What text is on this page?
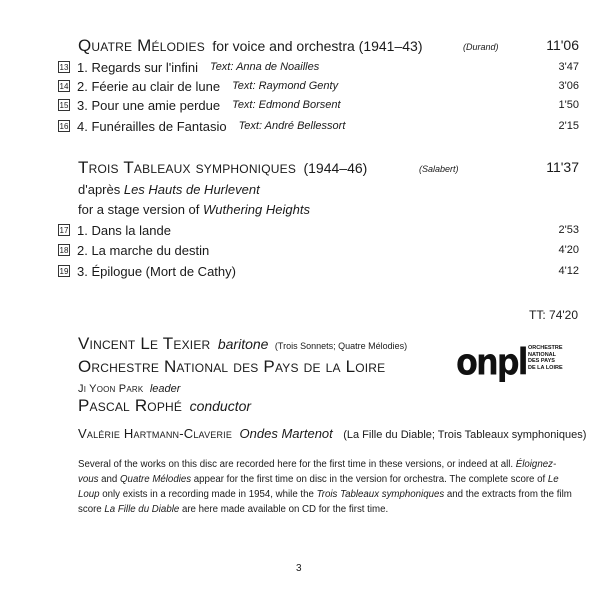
Quatre Mélodies for voice and orchestra (1941–43)	(Durand)	11'06
13 1. Regards sur l'infini Text: Anna de Noailles	3'47
14 2. Féerie au clair de lune Text: Raymond Genty	3'06
15 3. Pour une amie perdue Text: Edmond Borsent	1'50
16 4. Funérailles de Fantasio Text: André Bellessort	2'15
Trois Tableaux symphoniques (1944–46)	(Salabert)	11'37
d'après Les Hauts de Hurlevent
for a stage version of Wuthering Heights
17 1. Dans la lande	2'53
18 2. La marche du destin	4'20
19 3. Épilogue (Mort de Cathy)	4'12
TT: 74'20
Vincent Le Texier baritone (Trois Sonnets; Quatre Mélodies)
Orchestre National des Pays de la Loire
Ji Yoon Park leader
Pascal Rophé conductor
Valérie Hartmann-Claverie Ondes Martenot (La Fille du Diable; Trois Tableaux symphoniques)
onpl ORCHESTRE
NATIONAL
DES PAYS
DE LA LOIRE
Several of the works on this disc are recorded here for the first time in these versions, or indeed at all. Éloignez-vous and Quatre Mélodies appear for the first time on disc in the version for orchestra. The complete score of Le Loup only exists in a recording made in 1954, while the Trois Tableaux symphoniques and the extracts from the film score La Fille du Diable are here made available on CD for the first time.
3
